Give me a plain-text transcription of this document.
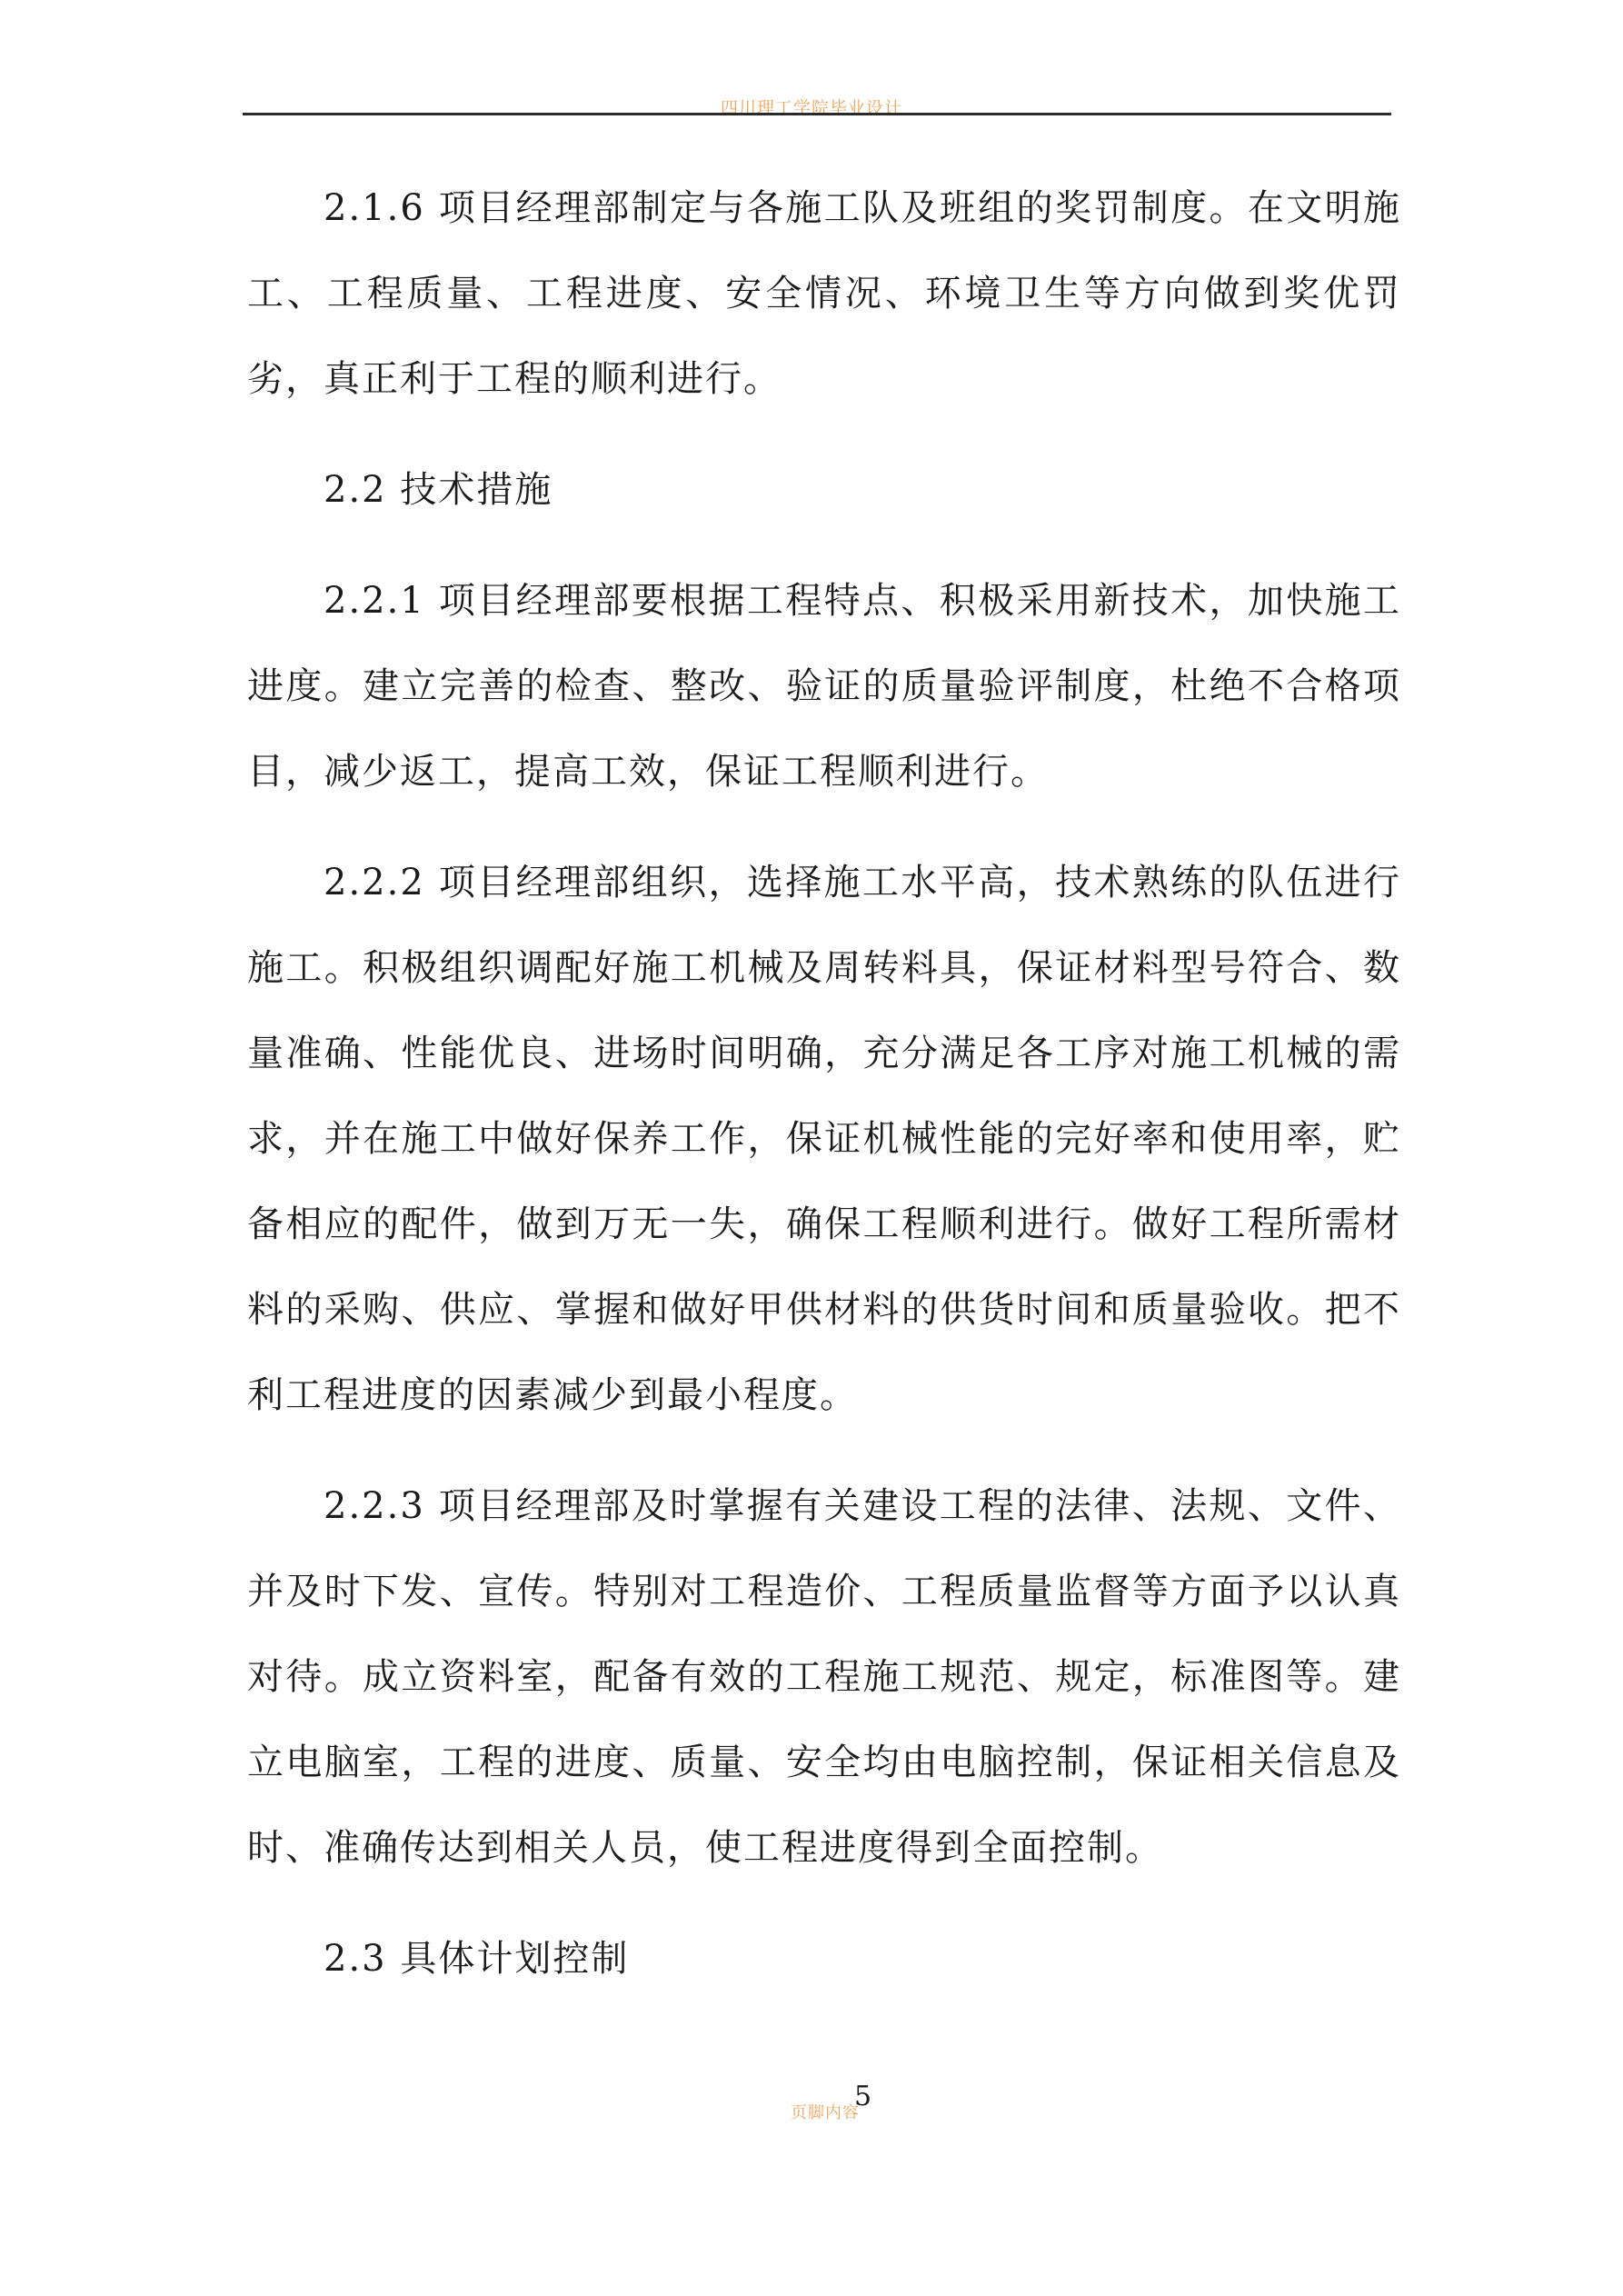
四川理工学院毕业设计

2.1.6 项目经理部制定与各施工队及班组的奖罚制度。在文明施工、工程质量、工程进度、安全情况、环境卫生等方向做到奖优罚劣，真正利于工程的顺利进行。

2.2 技术措施

2.2.1 项目经理部要根据工程特点、积极采用新技术，加快施工进度。建立完善的检查、整改、验证的质量验评制度，杜绝不合格项目，减少返工，提高工效，保证工程顺利进行。

2.2.2 项目经理部组织，选择施工水平高，技术熟练的队伍进行施工。积极组织调配好施工机械及周转料具，保证材料型号符合、数量准确、性能优良、进场时间明确，充分满足各工序对施工机械的需求，并在施工中做好保养工作，保证机械性能的完好率和使用率，贮备相应的配件，做到万无一失，确保工程顺利进行。做好工程所需材料的采购、供应、掌握和做好甲供材料的供货时间和质量验收。把不利工程进度的因素减少到最小程度。

2.2.3 项目经理部及时掌握有关建设工程的法律、法规、文件、并及时下发、宣传。特别对工程造价、工程质量监督等方面予以认真对待。成立资料室，配备有效的工程施工规范、规定，标准图等。建立电脑室，工程的进度、质量、安全均由电脑控制，保证相关信息及时、准确传达到相关人员，使工程进度得到全面控制。

2.3 具体计划控制

5
页脚内容
